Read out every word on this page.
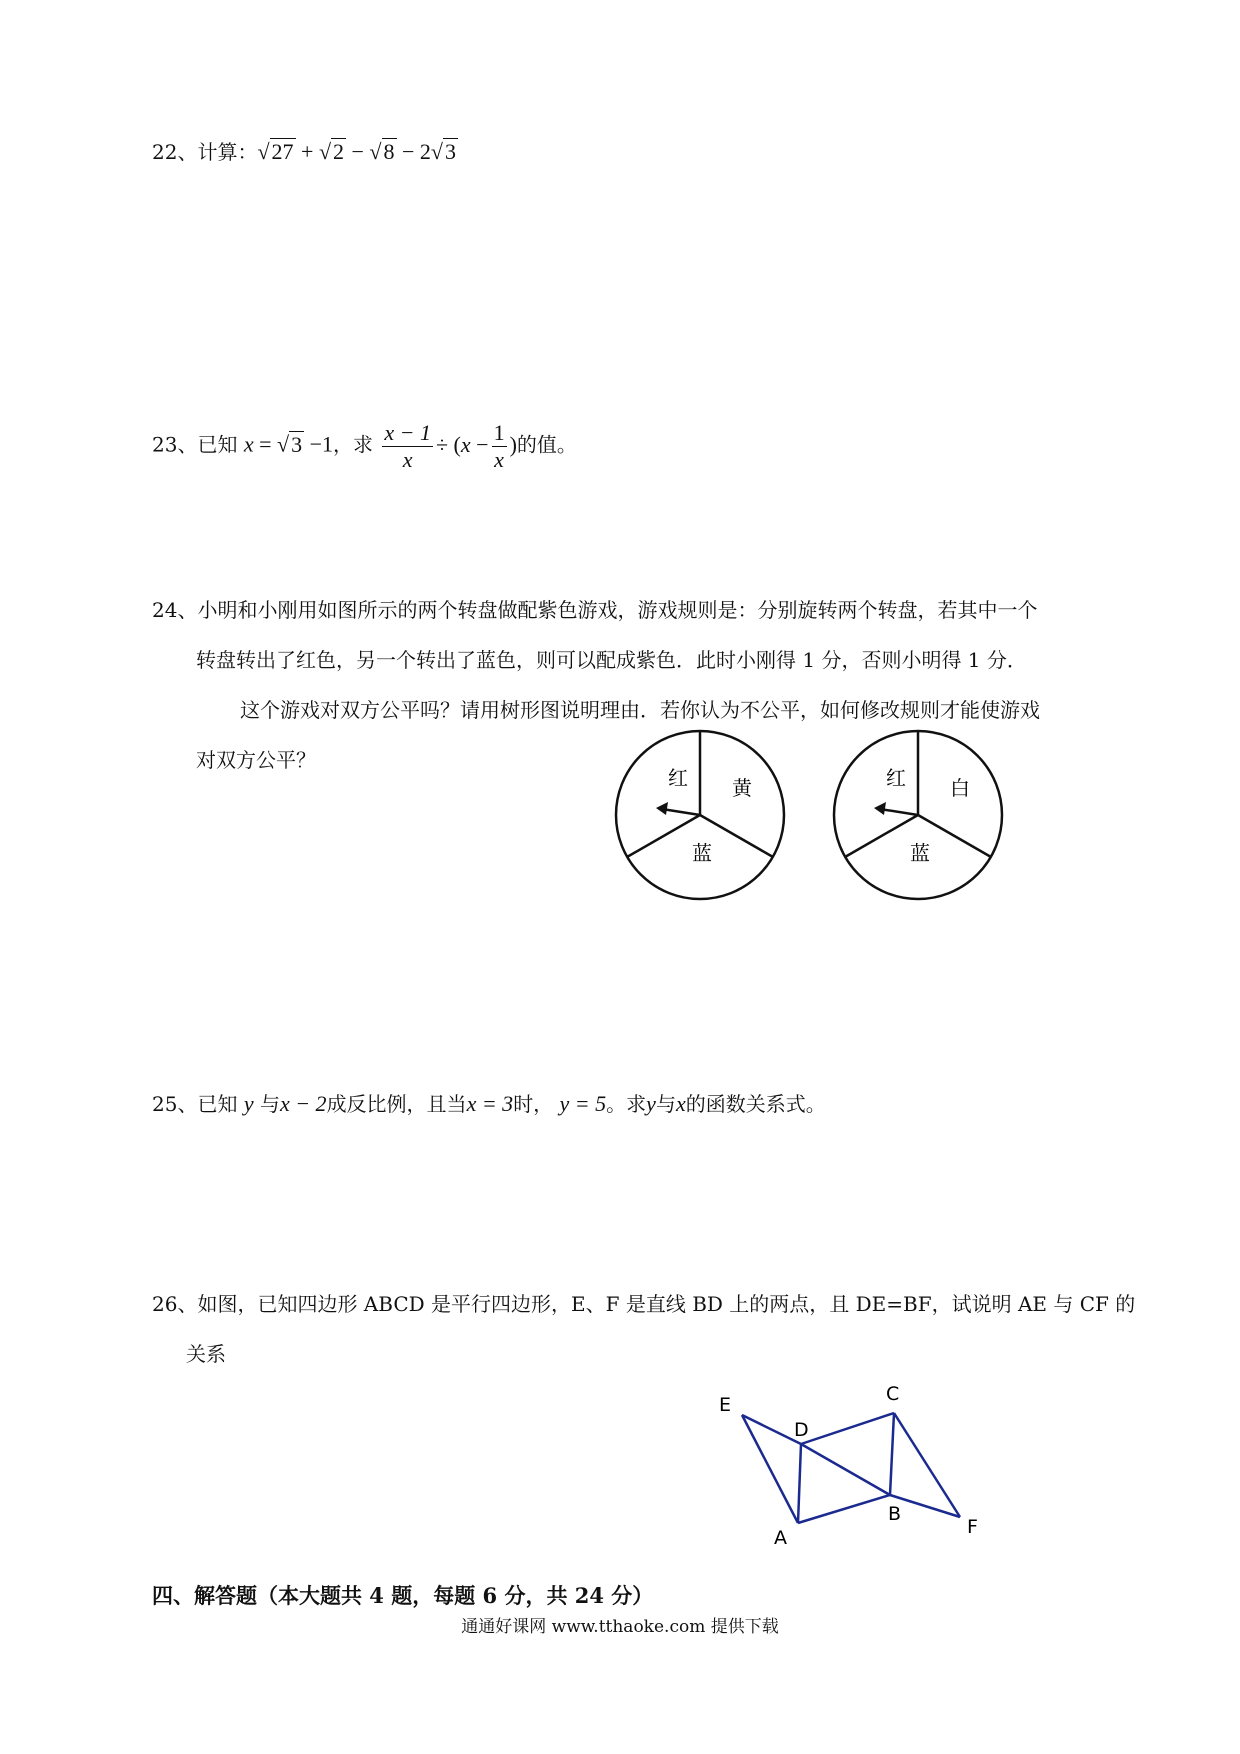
22、计算：√27 + √2 − √8 − 2√3
23、已知 x = √3 −1，求 $\frac{x - 1}{x} \div (x - \frac{1}{x}$ )的值。
24、小明和小刚用如图所示的两个转盘做配紫色游戏，游戏规则是：分别旋转两个转盘，若其中一个
转盘转出了红色，另一个转出了蓝色，则可以配成紫色．此时小刚得 1 分，否则小明得 1 分．
这个游戏对双方公平吗？请用树形图说明理由．若你认为不公平，如何修改规则才能使游戏
对双方公平？
红 黄
蓝
红 白
蓝
25、已知 y 与x − 2成反比例，且当x = 3时， y = 5。求y与x的函数关系式。
26、如图，已知四边形 ABCD 是平行四边形，E、F 是直线 BD 上的两点，且 DE=BF，试说明 AE 与 CF 的
关系
E
D
C
B
A	F
四、解答题（本大题共 4 题，每题 6 分，共 24 分）
通通好课网 www.tthaoke.com 提供下载
